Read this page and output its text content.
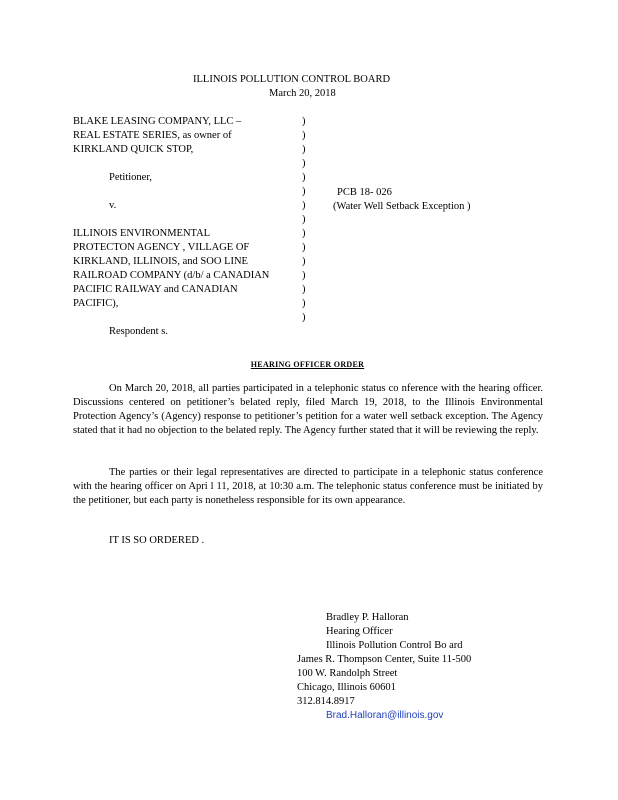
ILLINOIS POLLUTION CONTROL BOARD
March 20, 2018
BLAKE LEASING COMPANY, LLC –
REAL ESTATE SERIES, as owner of
KIRKLAND QUICK STOP,
Petitioner,
v.
ILLINOIS ENVIRONMENTAL
PROTECTON AGENCY , VILLAGE OF
KIRKLAND, ILLINOIS, and SOO LINE
RAILROAD COMPANY (d/b/ a CANADIAN
PACIFIC RAILWAY and CANADIAN
PACIFIC),
Respondent s.
)
)
)
)
)
)
)
)
)
)
)
)
)
)
)
PCB 18- 026
(Water Well Setback Exception )
HEARING OFFICER ORDER

On March 20, 2018, all parties participated in a telephonic status co nference with the hearing officer. Discussions centered on petitioner’s belated reply, filed March 19, 2018, to the Illinois Environmental Protection Agency’s (Agency) response to petitioner’s petition for a water well setback exception. The Agency stated that it had no objection to the belated reply. The Agency further stated that it will be reviewing the reply.

The parties or their legal representatives are directed to participate in a telephonic status conference with the hearing officer on Apri l 11, 2018, at 10:30 a.m. The telephonic status conference must be initiated by the petitioner, but each party is nonetheless responsible for its own appearance.

IT IS SO ORDERED .
Bradley P. Halloran
Hearing Officer
Illinois Pollution Control Bo ard
James R. Thompson Center, Suite 11-500
100 W. Randolph Street
Chicago, Illinois 60601
312.814.8917
Brad.Halloran@illinois.gov
